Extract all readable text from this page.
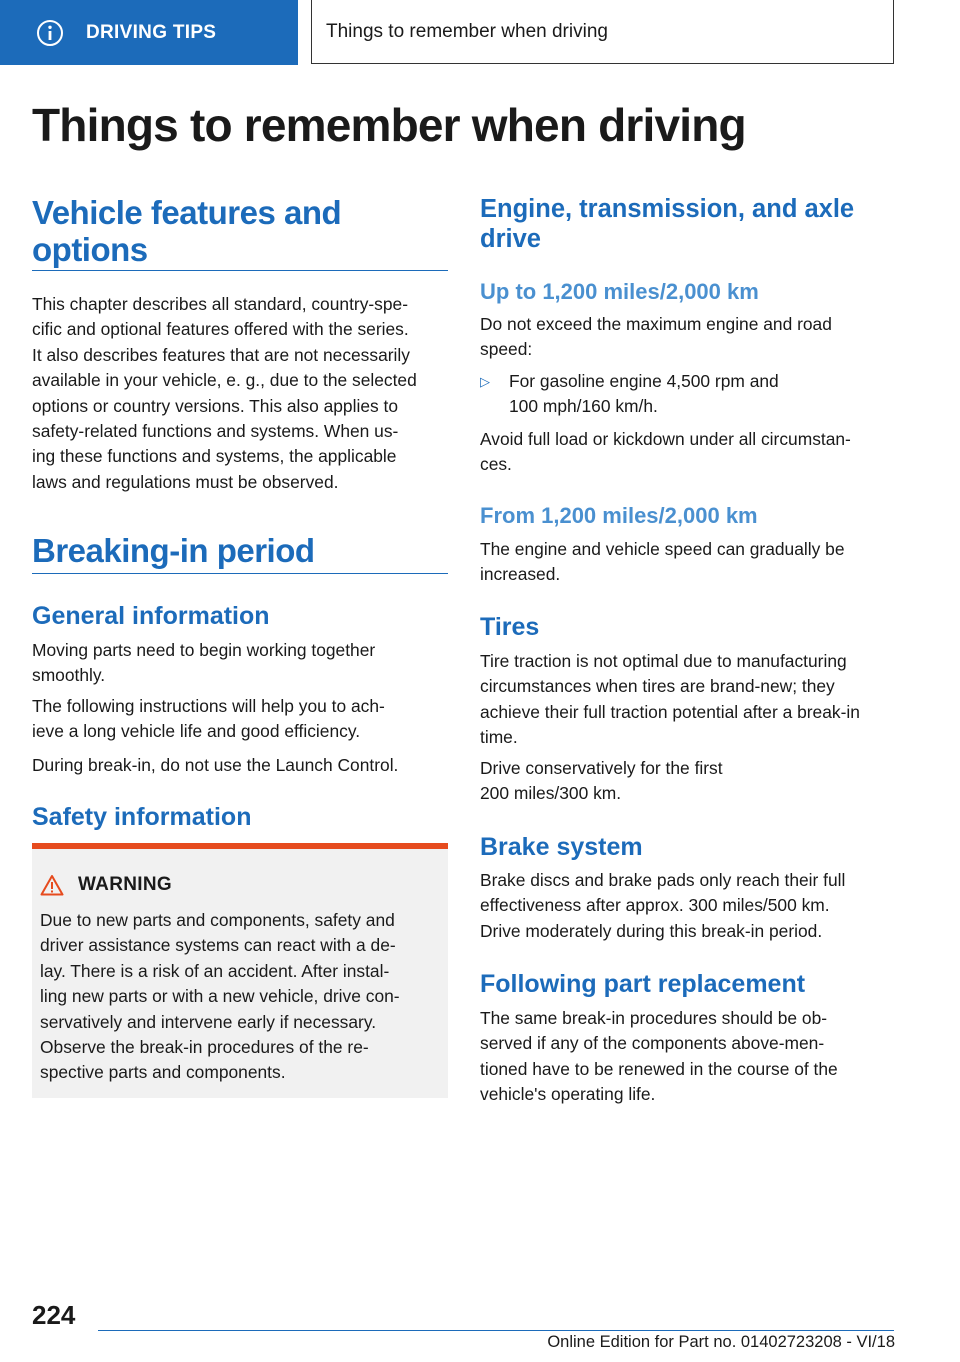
DRIVING TIPS	Things to remember when driving
Things to remember when driving
Vehicle features and
options
This chapter describes all standard, country-spe‐
cific and optional features offered with the series.
It also describes features that are not necessarily
available in your vehicle, e. g., due to the selected
options or country versions. This also applies to
safety-related functions and systems. When us‐
ing these functions and systems, the applicable
laws and regulations must be observed.
Breaking-in period
General information
Moving parts need to begin working together
smoothly.
The following instructions will help you to ach‐
ieve a long vehicle life and good efficiency.
During break-in, do not use the Launch Control.
Safety information
WARNING
Due to new parts and components, safety and
driver assistance systems can react with a de‐
lay. There is a risk of an accident. After instal‐
ling new parts or with a new vehicle, drive con‐
servatively and intervene early if necessary.
Observe the break-in procedures of the re‐
spective parts and components.
Engine, transmission, and axle
drive
Up to 1,200 miles/2,000 km
Do not exceed the maximum engine and road
speed:
▷ For gasoline engine 4,500 rpm and
100 mph/160 km/h.
Avoid full load or kickdown under all circumstan‐
ces.
From 1,200 miles/2,000 km
The engine and vehicle speed can gradually be
increased.
Tires
Tire traction is not optimal due to manufacturing
circumstances when tires are brand-new; they
achieve their full traction potential after a break-in
time.
Drive conservatively for the first
200 miles/300 km.
Brake system
Brake discs and brake pads only reach their full
effectiveness after approx. 300 miles/500 km.
Drive moderately during this break-in period.
Following part replacement
The same break-in procedures should be ob‐
served if any of the components above-men‐
tioned have to be renewed in the course of the
vehicle's operating life.
224
Online Edition for Part no. 01402723208 - VI/18
